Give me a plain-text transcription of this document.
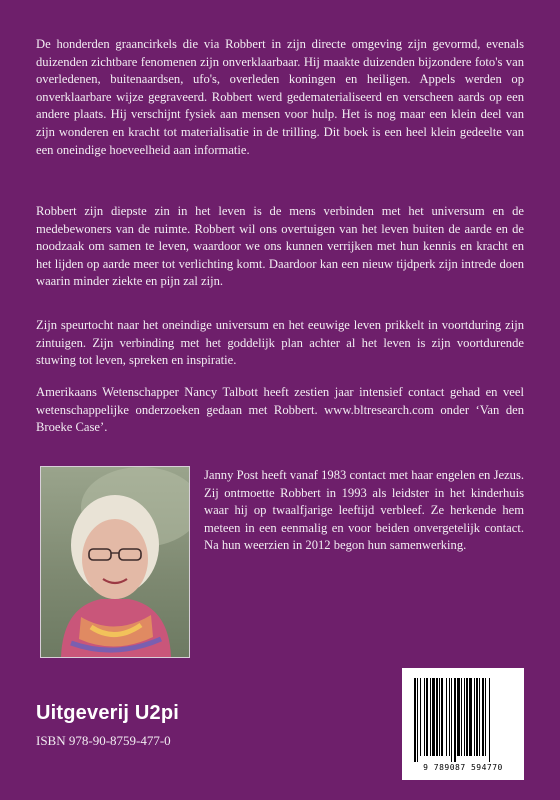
De honderden graancirkels die via Robbert in zijn directe omgeving zijn gevormd, evenals duizenden zichtbare fenomenen zijn onverklaarbaar. Hij maakte duizenden bijzondere foto's van overledenen, buitenaardsen, ufo's, overleden koningen en heiligen. Appels werden op onverklaarbare wijze gegraveerd. Robbert werd gedematerialiseerd en verscheen aards op een andere plaats. Hij verschijnt fysiek aan mensen voor hulp. Het is nog maar een klein deel van zijn wonderen en kracht tot materialisatie in de trilling. Dit boek is een heel klein gedeelte van een oneindige hoeveelheid aan informatie.

Robbert zijn diepste zin in het leven is de mens verbinden met het universum en de medebewoners van de ruimte. Robbert wil ons overtuigen van het leven buiten de aarde en de noodzaak om samen te leven, waardoor we ons kunnen verrijken met hun kennis en kracht en het lijden op aarde meer tot verlichting komt. Daardoor kan een nieuw tijdperk zijn intrede doen waarin minder ziekte en pijn zal zijn.

Zijn speurtocht naar het oneindige universum en het eeuwige leven prikkelt in voortduring zijn zintuigen. Zijn verbinding met het goddelijk plan achter al het leven is zijn voortdurende stuwing tot leven, spreken en inspiratie.

Amerikaans Wetenschapper Nancy Talbott heeft zestien jaar intensief contact gehad en veel wetenschappelijke onderzoeken gedaan met Robbert. www.bltresearch.com onder ‘Van den Broeke Case’.

Janny Post heeft vanaf 1983 contact met haar engelen en Jezus. Zij ontmoette Robbert in 1993 als leidster in het kinderhuis waar hij op twaalfjarige leeftijd verbleef. Ze herkende hem meteen in een eenmalig en voor beiden onvergetelijk contact. Na hun weerzien in 2012 begon hun samenwerking.

Uitgeverij U2pi
ISBN 978-90-8759-477-0
9 789087 594770
